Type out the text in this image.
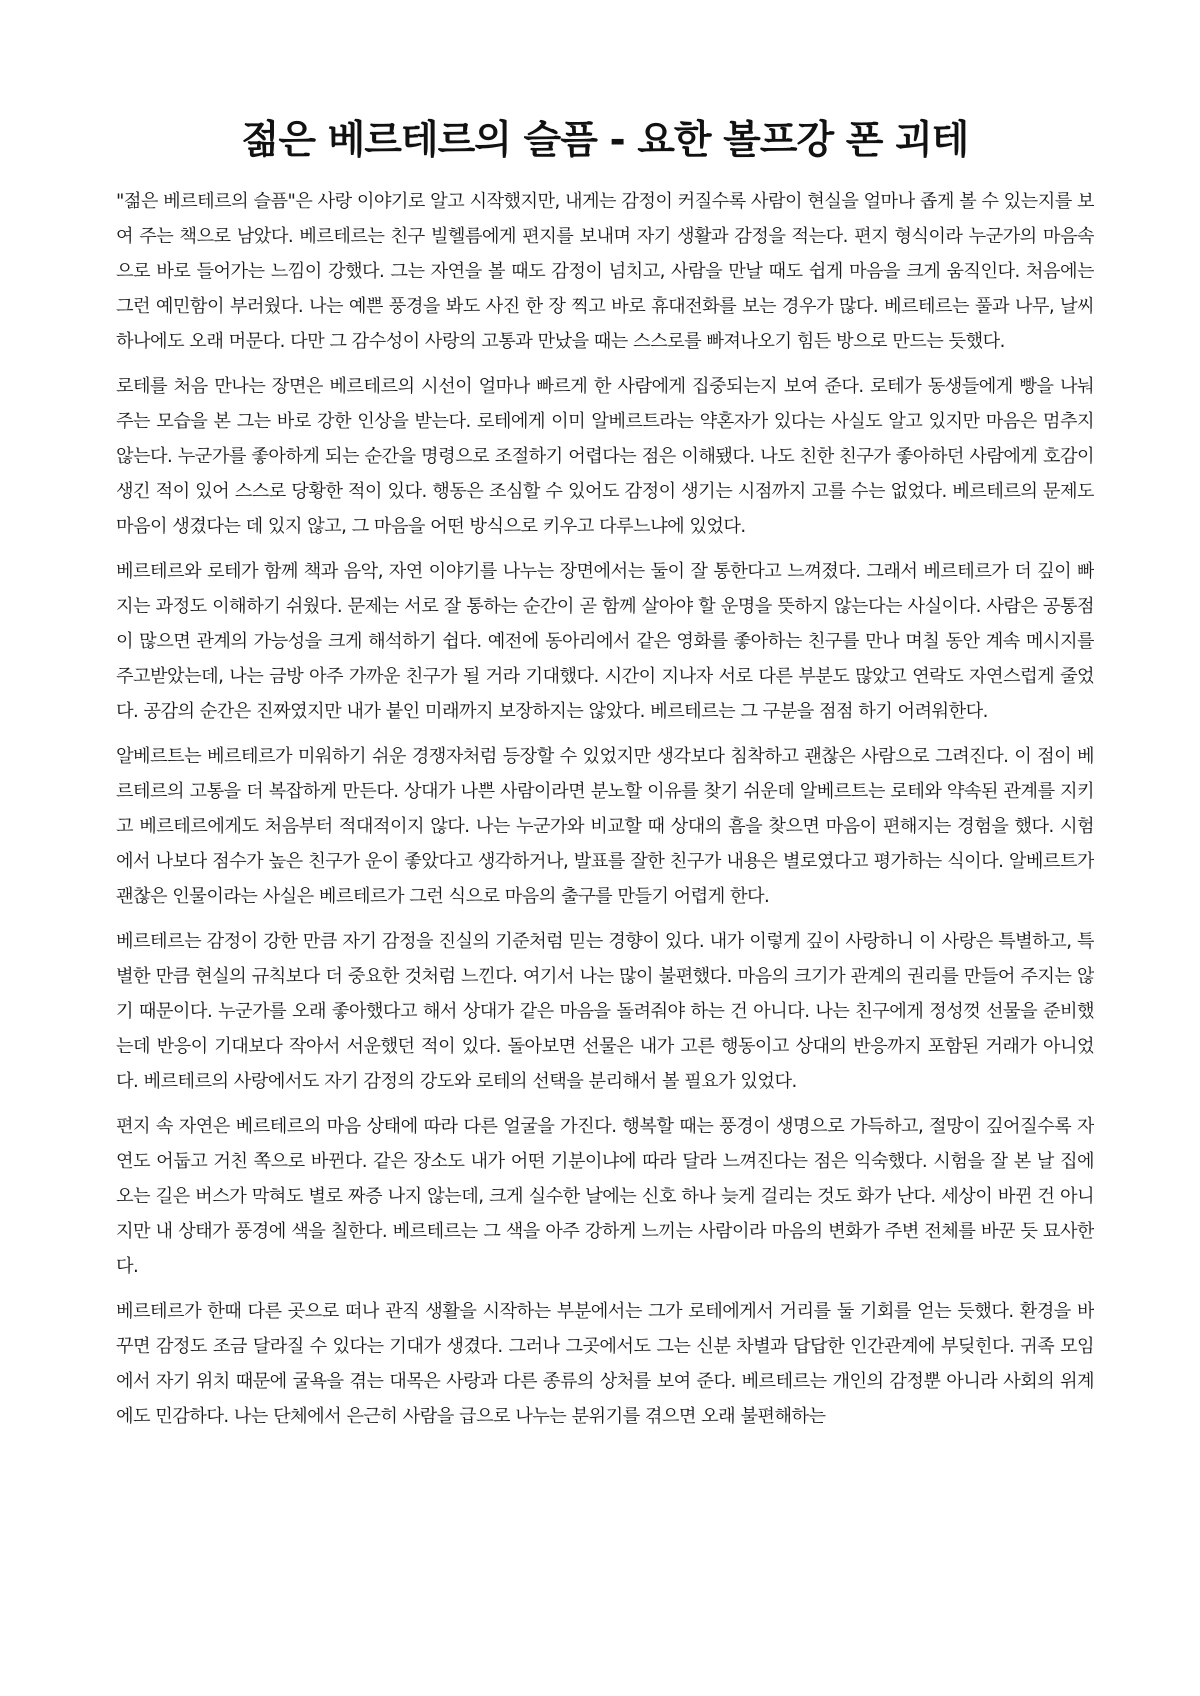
젊은 베르테르의 슬픔 - 요한 볼프강 폰 괴테

"젊은 베르테르의 슬픔"은 사랑 이야기로 알고 시작했지만, 내게는 감정이 커질수록 사람이 현실을 얼마나 좁게 볼 수 있는지를 보여 주는 책으로 남았다. 베르테르는 친구 빌헬름에게 편지를 보내며 자기 생활과 감정을 적는다. 편지 형식이라 누군가의 마음속으로 바로 들어가는 느낌이 강했다. 그는 자연을 볼 때도 감정이 넘치고, 사람을 만날 때도 쉽게 마음을 크게 움직인다. 처음에는 그런 예민함이 부러웠다. 나는 예쁜 풍경을 봐도 사진 한 장 찍고 바로 휴대전화를 보는 경우가 많다. 베르테르는 풀과 나무, 날씨 하나에도 오래 머문다. 다만 그 감수성이 사랑의 고통과 만났을 때는 스스로를 빠져나오기 힘든 방으로 만드는 듯했다.

로테를 처음 만나는 장면은 베르테르의 시선이 얼마나 빠르게 한 사람에게 집중되는지 보여 준다. 로테가 동생들에게 빵을 나눠 주는 모습을 본 그는 바로 강한 인상을 받는다. 로테에게 이미 알베르트라는 약혼자가 있다는 사실도 알고 있지만 마음은 멈추지 않는다. 누군가를 좋아하게 되는 순간을 명령으로 조절하기 어렵다는 점은 이해됐다. 나도 친한 친구가 좋아하던 사람에게 호감이 생긴 적이 있어 스스로 당황한 적이 있다. 행동은 조심할 수 있어도 감정이 생기는 시점까지 고를 수는 없었다. 베르테르의 문제도 마음이 생겼다는 데 있지 않고, 그 마음을 어떤 방식으로 키우고 다루느냐에 있었다.

베르테르와 로테가 함께 책과 음악, 자연 이야기를 나누는 장면에서는 둘이 잘 통한다고 느껴졌다. 그래서 베르테르가 더 깊이 빠지는 과정도 이해하기 쉬웠다. 문제는 서로 잘 통하는 순간이 곧 함께 살아야 할 운명을 뜻하지 않는다는 사실이다. 사람은 공통점이 많으면 관계의 가능성을 크게 해석하기 쉽다. 예전에 동아리에서 같은 영화를 좋아하는 친구를 만나 며칠 동안 계속 메시지를 주고받았는데, 나는 금방 아주 가까운 친구가 될 거라 기대했다. 시간이 지나자 서로 다른 부분도 많았고 연락도 자연스럽게 줄었다. 공감의 순간은 진짜였지만 내가 붙인 미래까지 보장하지는 않았다. 베르테르는 그 구분을 점점 하기 어려워한다.

알베르트는 베르테르가 미워하기 쉬운 경쟁자처럼 등장할 수 있었지만 생각보다 침착하고 괜찮은 사람으로 그려진다. 이 점이 베르테르의 고통을 더 복잡하게 만든다. 상대가 나쁜 사람이라면 분노할 이유를 찾기 쉬운데 알베르트는 로테와 약속된 관계를 지키고 베르테르에게도 처음부터 적대적이지 않다. 나는 누군가와 비교할 때 상대의 흠을 찾으면 마음이 편해지는 경험을 했다. 시험에서 나보다 점수가 높은 친구가 운이 좋았다고 생각하거나, 발표를 잘한 친구가 내용은 별로였다고 평가하는 식이다. 알베르트가 괜찮은 인물이라는 사실은 베르테르가 그런 식으로 마음의 출구를 만들기 어렵게 한다.

베르테르는 감정이 강한 만큼 자기 감정을 진실의 기준처럼 믿는 경향이 있다. 내가 이렇게 깊이 사랑하니 이 사랑은 특별하고, 특별한 만큼 현실의 규칙보다 더 중요한 것처럼 느낀다. 여기서 나는 많이 불편했다. 마음의 크기가 관계의 권리를 만들어 주지는 않기 때문이다. 누군가를 오래 좋아했다고 해서 상대가 같은 마음을 돌려줘야 하는 건 아니다. 나는 친구에게 정성껏 선물을 준비했는데 반응이 기대보다 작아서 서운했던 적이 있다. 돌아보면 선물은 내가 고른 행동이고 상대의 반응까지 포함된 거래가 아니었다. 베르테르의 사랑에서도 자기 감정의 강도와 로테의 선택을 분리해서 볼 필요가 있었다.

편지 속 자연은 베르테르의 마음 상태에 따라 다른 얼굴을 가진다. 행복할 때는 풍경이 생명으로 가득하고, 절망이 깊어질수록 자연도 어둡고 거친 쪽으로 바뀐다. 같은 장소도 내가 어떤 기분이냐에 따라 달라 느껴진다는 점은 익숙했다. 시험을 잘 본 날 집에 오는 길은 버스가 막혀도 별로 짜증 나지 않는데, 크게 실수한 날에는 신호 하나 늦게 걸리는 것도 화가 난다. 세상이 바뀐 건 아니지만 내 상태가 풍경에 색을 칠한다. 베르테르는 그 색을 아주 강하게 느끼는 사람이라 마음의 변화가 주변 전체를 바꾼 듯 묘사한다.

베르테르가 한때 다른 곳으로 떠나 관직 생활을 시작하는 부분에서는 그가 로테에게서 거리를 둘 기회를 얻는 듯했다. 환경을 바꾸면 감정도 조금 달라질 수 있다는 기대가 생겼다. 그러나 그곳에서도 그는 신분 차별과 답답한 인간관계에 부딪힌다. 귀족 모임에서 자기 위치 때문에 굴욕을 겪는 대목은 사랑과 다른 종류의 상처를 보여 준다. 베르테르는 개인의 감정뿐 아니라 사회의 위계에도 민감하다. 나는 단체에서 은근히 사람을 급으로 나누는 분위기를 겪으면 오래 불편해하는
